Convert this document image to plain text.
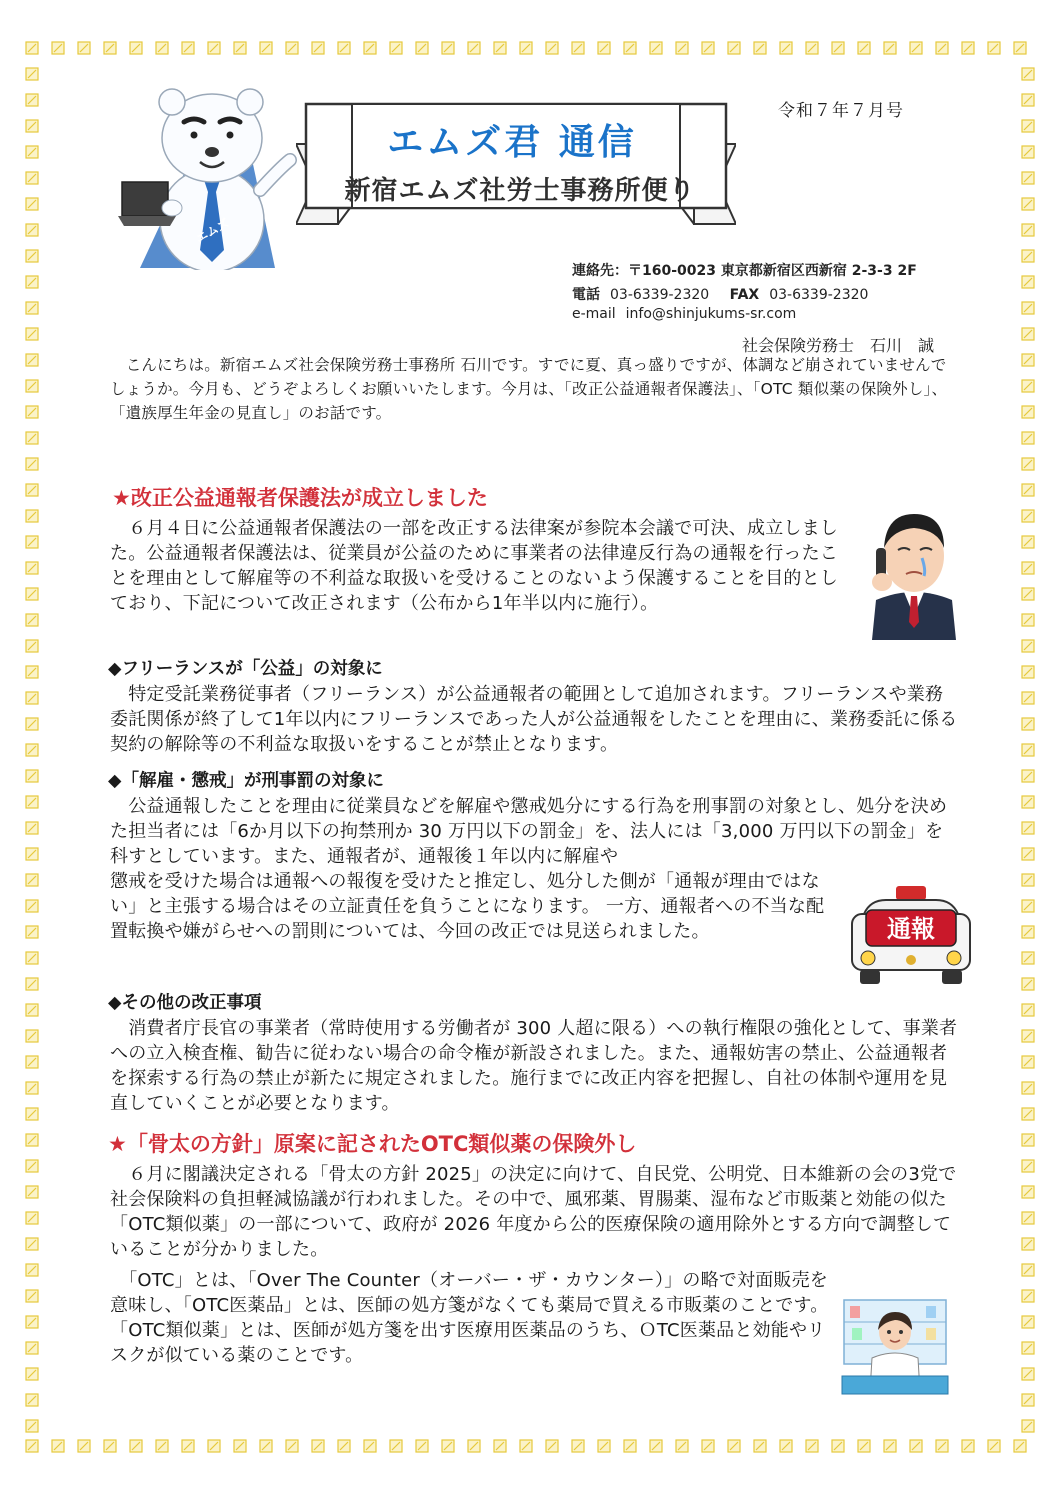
エムズ
エムズ君 通信
新宿エムズ社労士事務所便り
令和７年７月号
連絡先：〒160-0023 東京都新宿区西新宿 2-3-3 2F
電話 03-6339-2320 FAX 03-6339-2320
e-mail info@shinjukums-sr.com
社会保険労務士　石川　誠
　こんにちは。新宿エムズ社会保険労務士事務所 石川です。すでに夏、真っ盛りですが、体調など崩されていませんでしょうか。今月も、どうぞよろしくお願いいたします。今月は、「改正公益通報者保護法」、「OTC 類似薬の保険外し」、「遺族厚生年金の見直し」のお話です。
★改正公益通報者保護法が成立しました
　６月４日に公益通報者保護法の一部を改正する法律案が参院本会議で可決、成立しました。公益通報者保護法は、従業員が公益のために事業者の法律違反行為の通報を行ったことを理由として解雇等の不利益な取扱いを受けることのないよう保護することを目的としており、下記について改正されます（公布から1年半以内に施行）。
◆フリーランスが「公益」の対象に
　特定受託業務従事者（フリーランス）が公益通報者の範囲として追加されます。フリーランスや業務委託関係が終了して1年以内にフリーランスであった人が公益通報をしたことを理由に、業務委託に係る契約の解除等の不利益な取扱いをすることが禁止となります。
◆「解雇・懲戒」が刑事罰の対象に
　公益通報したことを理由に従業員などを解雇や懲戒処分にする行為を刑事罰の対象とし、処分を決めた担当者には「6か月以下の拘禁刑か 30 万円以下の罰金」を、法人には「3,000 万円以下の罰金」を科すとしています。また、通報者が、通報後１年以内に解雇や
懲戒を受けた場合は通報への報復を受けたと推定し、処分した側が「通報が理由ではない」と主張する場合はその立証責任を負うことになります。 一方、通報者への不当な配置転換や嫌がらせへの罰則については、今回の改正では見送られました。	通報
◆その他の改正事項
　消費者庁長官の事業者（常時使用する労働者が 300 人超に限る）への執行権限の強化として、事業者への立入検査権、勧告に従わない場合の命令権が新設されました。また、通報妨害の禁止、公益通報者を探索する行為の禁止が新たに規定されました。施行までに改正内容を把握し、自社の体制や運用を見直していくことが必要となります。
★「骨太の方針」原案に記されたOTC類似薬の保険外し
　６月に閣議決定される「骨太の方針 2025」の決定に向けて、自民党、公明党、日本維新の会の3党で社会保険料の負担軽減協議が行われました。その中で、風邪薬、胃腸薬、湿布など市販薬と効能の似た「OTC類似薬」の一部について、政府が 2026 年度から公的医療保険の適用除外とする方向で調整していることが分かりました。
　「OTC」とは、「Over The Counter（オーバー・ザ・カウンター）」の略で対面販売を意味し、「OTC医薬品」とは、医師の処方箋がなくても薬局で買える市販薬のことです。「OTC類似薬」とは、医師が処方箋を出す医療用医薬品のうち、ＯTC医薬品と効能やリスクが似ている薬のことです。
